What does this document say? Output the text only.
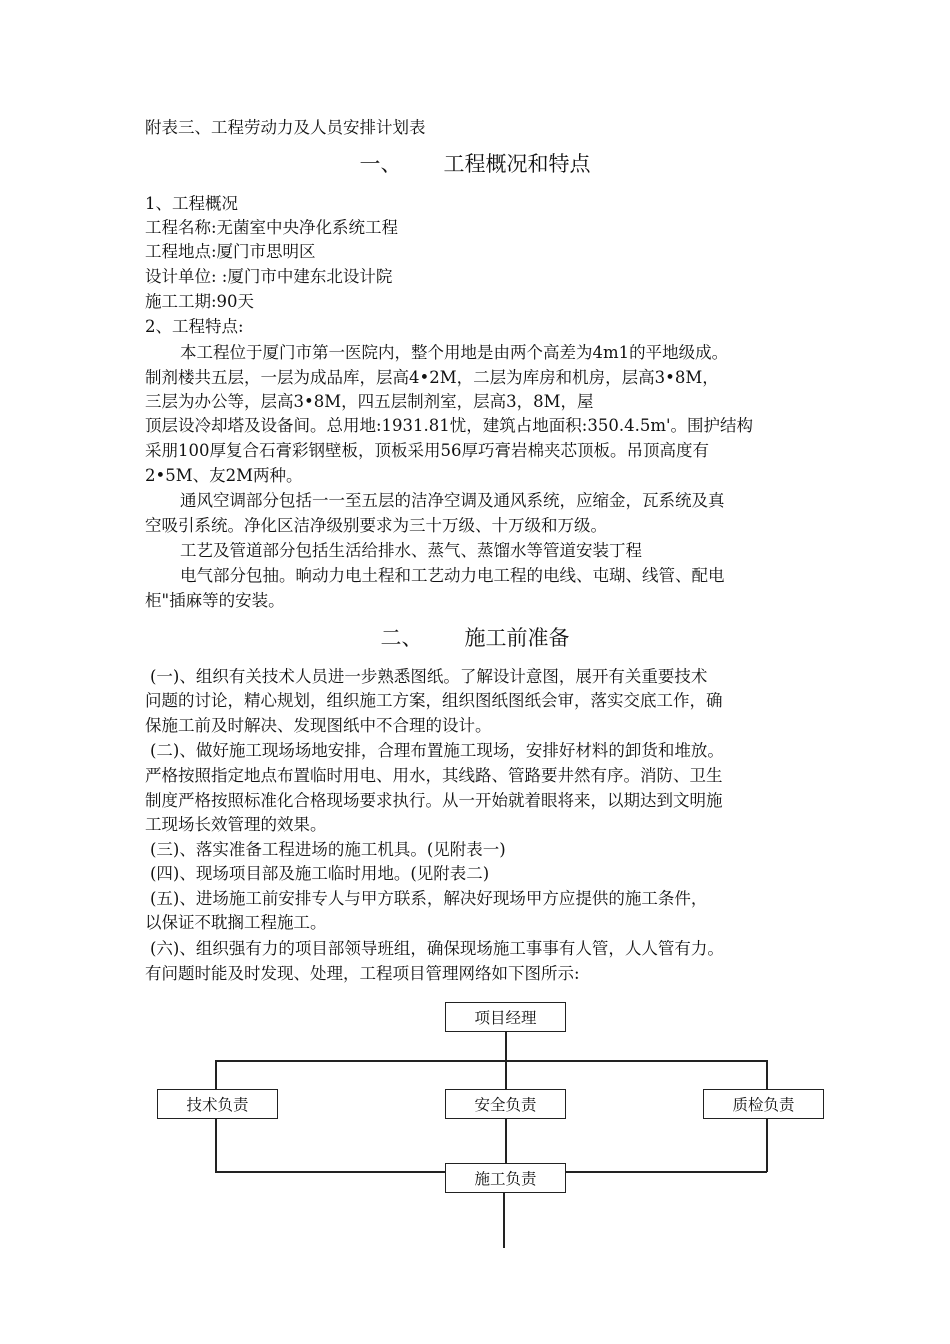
附表三、工程劳动力及人员安排计划表
一、 工程概况和特点
1、工程概况
工程名称:无菌室中央净化系统工程
工程地点:厦门市思明区
设计单位: :厦门市中建东北设计院
施工工期:90天
2、工程特点:
本工程位于厦门市第一医院内，整个用地是由两个高差为4m1的平地级成。
制剂楼共五层，一层为成品库，层高4•2M，二层为库房和机房，层高3•8M，
三层为办公等，层高3•8M，四五层制剂室，层高3，8M，屋
顶层设冷却塔及设备间。总用地:1931.81忧，建筑占地面积:350.4.5m'。围护结构
采朋100厚复合石膏彩钢壁板，顶板采用56厚巧膏岩棉夹芯顶板。吊顶高度有
2•5M、友2M两种。
通风空调部分包括一一至五层的洁净空调及通风系统，应缩金，瓦系统及真
空吸引系统。净化区洁净级别要求为三十万级、十万级和万级。
工艺及管道部分包括生活给排水、蒸气、蒸馏水等管道安装丁程
电气部分包抽。晌动力电土程和工艺动力电工程的电线、屯瑚、线管、配电
柜"插麻等的安装。
二、 施工前准备
(一)、组织有关技术人员进一步熟悉图纸。了解设计意图，展开有关重要技术
问题的讨论，精心规划，组织施工方案，组织图纸图纸会审，落实交底工作，确
保施工前及时解决、发现图纸中不合理的设计。
(二)、做好施工现场场地安排，合理布置施工现场，安排好材料的卸货和堆放。
严格按照指定地点布置临时用电、用水，其线路、管路要井然有序。消防、卫生
制度严格按照标准化合格现场要求执行。从一开始就着眼将来，以期达到文明施
工现场长效管理的效果。
(三)、落实准备工程进场的施工机具。(见附表一)
(四)、现场项目部及施工临时用地。(见附表二)
(五)、进场施工前安排专人与甲方联系，解决好现场甲方应提供的施工条件，
以保证不耽搁工程施工。
(六)、组织强有力的项目部领导班组，确保现场施工事事有人管，人人管有力。
有问题时能及时发现、处理，工程项目管理网络如下图所示:
项目经理
技术负责	安全负责	质检负责
施工负责
